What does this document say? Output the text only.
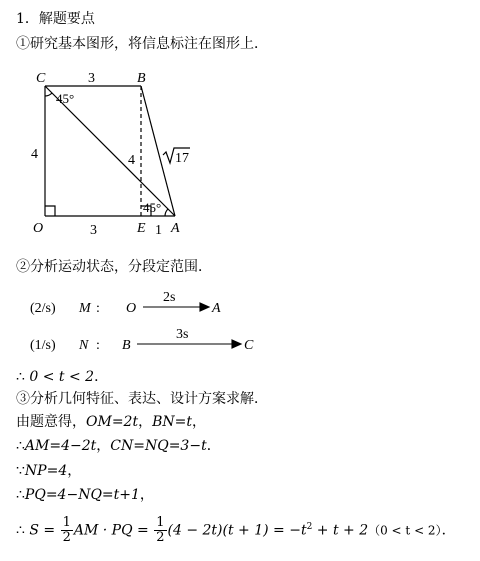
1．解题要点
①研究基本图形，将信息标注在图形上．
C	B
O	E A
3
4	4
3	1
17
45°
45°
(2/s) M : O
2s
A
(1/s) N : B
3s
C
②分析运动状态，分段定范围．
∴ 0 < t < 2．
③分析几何特征、表达、设计方案求解．
由题意得，OM=2t，BN=t，
∴AM=4−2t，CN=NQ=3−t．
∵NP=4，
∴PQ=4−NQ=t+1，
∴ $S = \frac{1}{2}$ AM · PQ = $\frac{1}{2} (4 - 2t)(t + 1) = -t^2 + t + 2(0 < t < 2)$．
